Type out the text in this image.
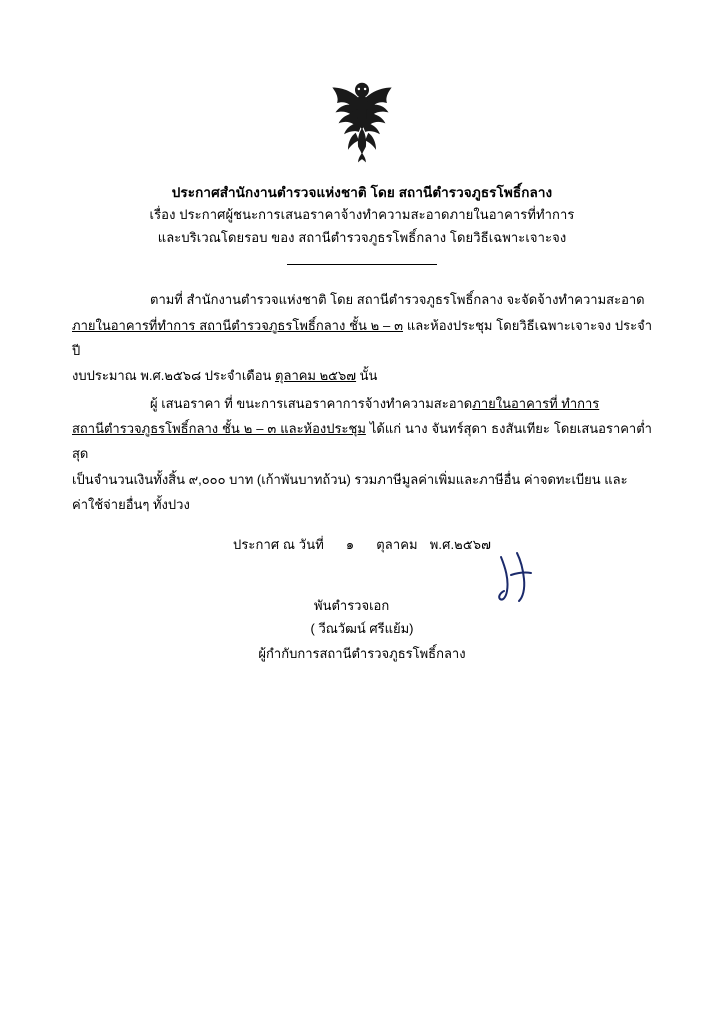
ประกาศสำนักงานตำรวจแห่งชาติ โดย สถานีตำรวจภูธรโพธิ์กลาง
เรื่อง ประกาศผู้ชนะการเสนอราคาจ้างทำความสะอาดภายในอาคารที่ทำการ
และบริเวณโดยรอบ ของ สถานีตำรวจภูธรโพธิ์กลาง โดยวิธีเฉพาะเจาะจง

ตามที่ สำนักงานตำรวจแห่งชาติ โดย สถานีตำรวจภูธรโพธิ์กลาง จะจัดจ้างทำความสะอาด
ภายในอาคารที่ทำการ สถานีตำรวจภูธรโพธิ์กลาง ชั้น ๒ – ๓ และห้องประชุม โดยวิธีเฉพาะเจาะจง ประจำปี
งบประมาณ พ.ศ.๒๕๖๘ ประจำเดือน ตุลาคม ๒๕๖๗ นั้น

ผู้ เสนอราคา ที่ ขนะการเสนอราคาการจ้างทำความสะอาดภายในอาคารที่ ทำการ
สถานีตำรวจภูธรโพธิ์กลาง ชั้น ๒ – ๓ และห้องประชุม ได้แก่ นาง จันทร์สุดา ธงสันเทียะ โดยเสนอราคาต่ำสุด
เป็นจำนวนเงินทั้งสิ้น ๙,๐๐๐ บาท (เก้าพันบาทถ้วน) รวมภาษีมูลค่าเพิ่มและภาษีอื่น ค่าจดทะเบียน และ
ค่าใช้จ่ายอื่นๆ ทั้งปวง

ประกาศ ณ วันที่ ๑ ตุลาคม พ.ศ.๒๕๖๗
พันตำรวจเอก
( วีณวัฒน์ ศรีแย้ม)
ผู้กำกับการสถานีตำรวจภูธรโพธิ์กลาง
